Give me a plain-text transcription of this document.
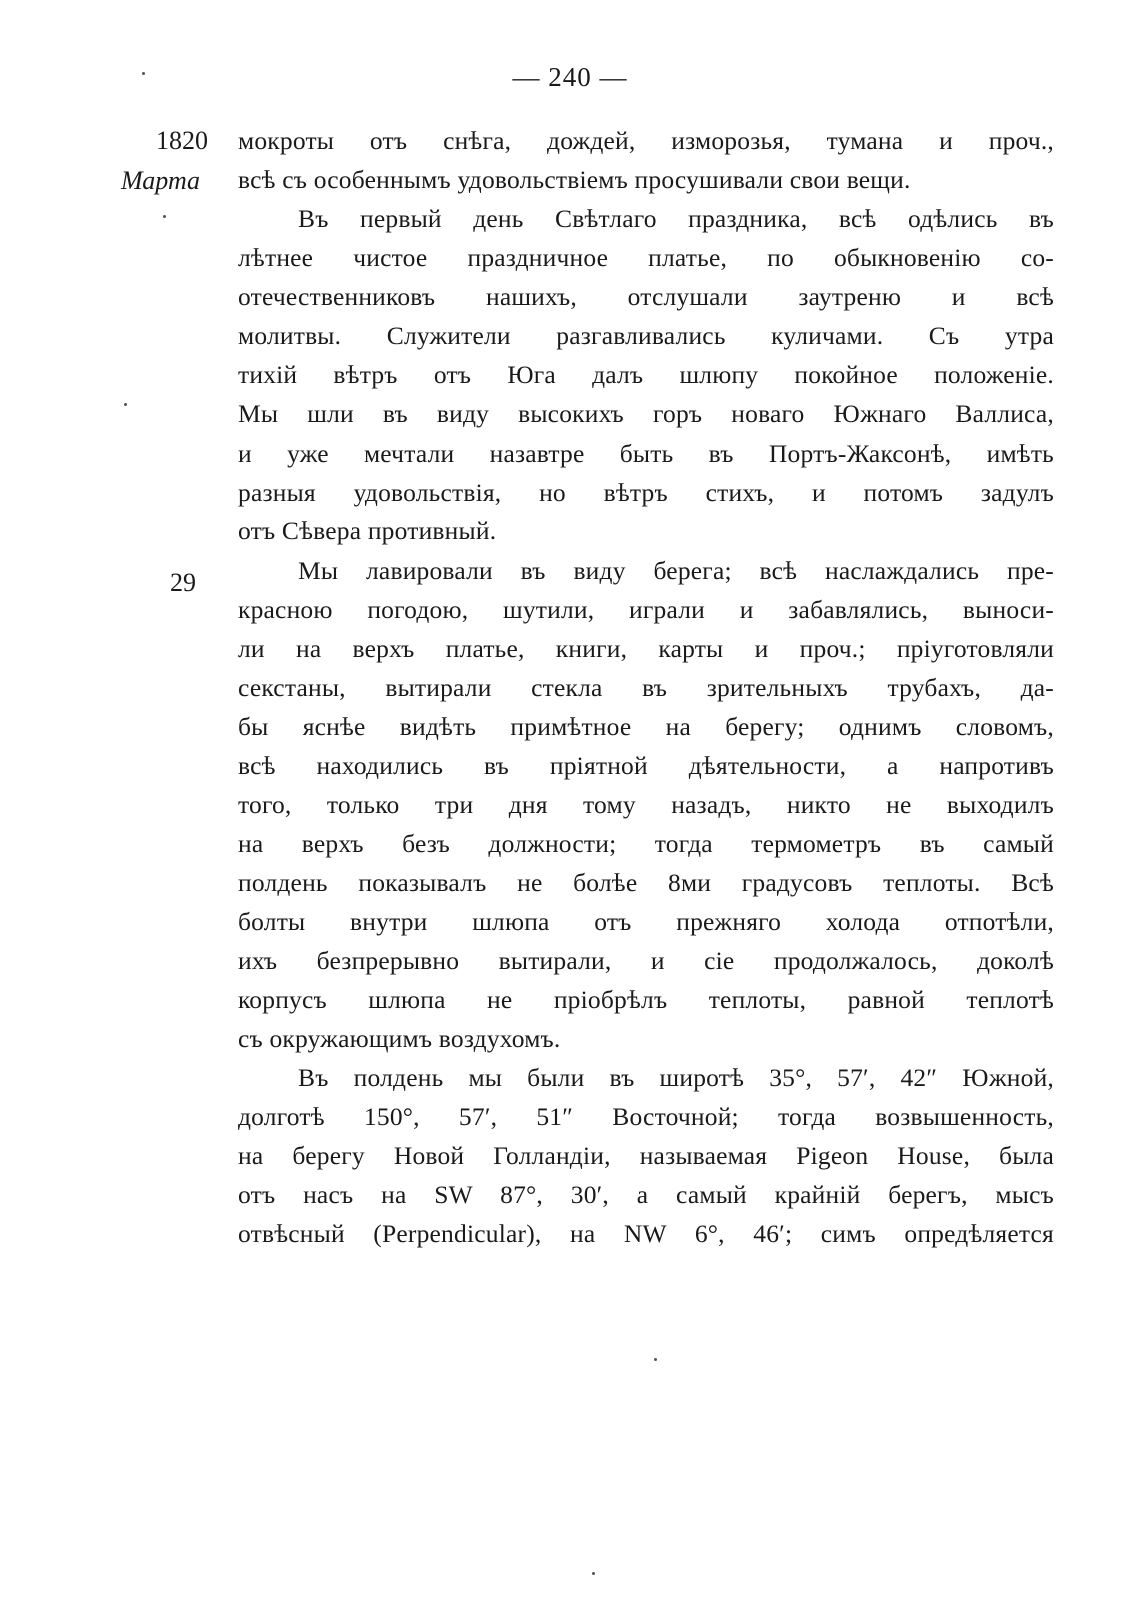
— 240 —
1820
Марта
29
мокроты отъ снѣга, дождей, изморозья, тумана и проч.,
всѣ съ особеннымъ удовольствіемъ просушивали свои вещи.
Въ первый день Свѣтлаго праздника, всѣ одѣлись въ
лѣтнее чистое праздничное платье, по обыкновенію со-
отечественниковъ нашихъ, отслушали заутреню и всѣ
молитвы. Служители разгавливались куличами. Съ утра
тихій вѣтръ отъ Юга далъ шлюпу покойное положеніе.
Мы шли въ виду высокихъ горъ новаго Южнаго Валлиса,
и уже мечтали назавтре быть въ Портъ-Жаксонѣ, имѣть
разныя удовольствія, но вѣтръ стихъ, и потомъ задулъ
отъ Сѣвера противный.
Мы лавировали въ виду берега; всѣ наслаждались пре-
красною погодою, шутили, играли и забавлялись, выноси-
ли на верхъ платье, книги, карты и проч.; пріуготовляли
секстаны, вытирали стекла въ зрительныхъ трубахъ, да-
бы яснѣе видѣть примѣтное на берегу; однимъ словомъ,
всѣ находились въ пріятной дѣятельности, а напротивъ
того, только три дня тому назадъ, никто не выходилъ
на верхъ безъ должности; тогда термометръ въ самый
полдень показывалъ не болѣе 8ми градусовъ теплоты. Всѣ
болты внутри шлюпа отъ прежняго холода отпотѣли,
ихъ безпрерывно вытирали, и сіе продолжалось, доколѣ
корпусъ шлюпа не пріобрѣлъ теплоты, равной теплотѣ
съ окружающимъ воздухомъ.
Въ полдень мы были въ широтѣ 35°, 57′, 42″ Южной,
долготѣ 150°, 57′, 51″ Восточной; тогда возвышенность,
на берегу Новой Голландіи, называемая Pigeon House, была
отъ насъ на SW 87°, 30′, а самый крайній берегъ, мысъ
отвѣсный (Perpendicular), на NW 6°, 46′; симъ опредѣляется
